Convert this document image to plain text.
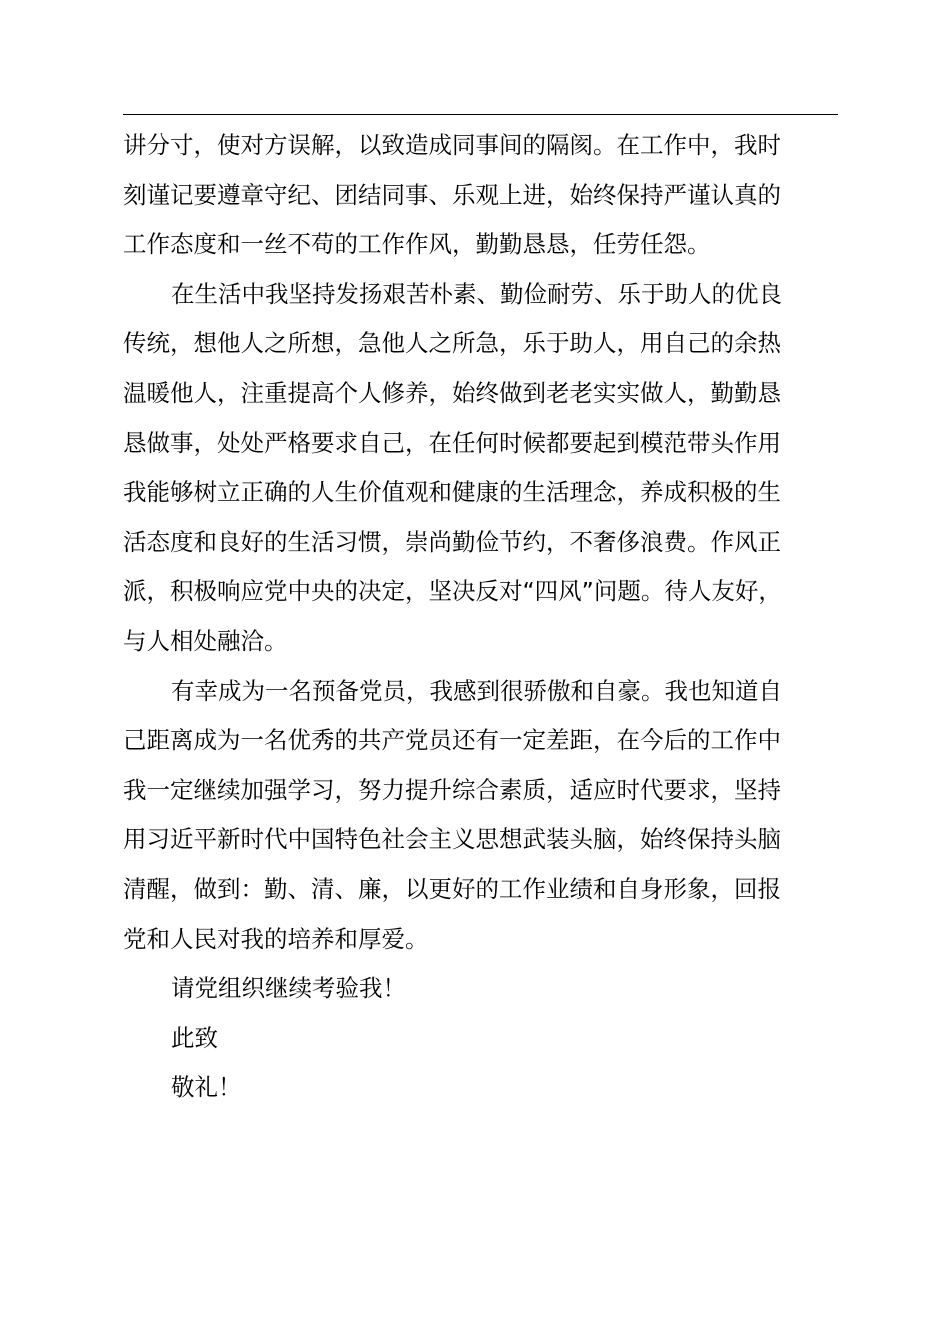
讲分寸，使对方误解，以致造成同事间的隔阂。在工作中，我时
刻谨记要遵章守纪、团结同事、乐观上进，始终保持严谨认真的
工作态度和一丝不苟的工作作风，勤勤恳恳，任劳任怨。

在生活中我坚持发扬艰苦朴素、勤俭耐劳、乐于助人的优良
传统，想他人之所想，急他人之所急，乐于助人，用自己的余热
温暖他人，注重提高个人修养，始终做到老老实实做人，勤勤恳
恳做事，处处严格要求自己，在任何时候都要起到模范带头作用
我能够树立正确的人生价值观和健康的生活理念，养成积极的生
活态度和良好的生活习惯，崇尚勤俭节约，不奢侈浪费。作风正
派，积极响应党中央的决定，坚决反对“四风”问题。待人友好，
与人相处融洽。

有幸成为一名预备党员，我感到很骄傲和自豪。我也知道自
己距离成为一名优秀的共产党员还有一定差距，在今后的工作中
我一定继续加强学习，努力提升综合素质，适应时代要求，坚持
用习近平新时代中国特色社会主义思想武装头脑，始终保持头脑
清醒，做到：勤、清、廉，以更好的工作业绩和自身形象，回报
党和人民对我的培养和厚爱。

请党组织继续考验我！

此致

敬礼！
